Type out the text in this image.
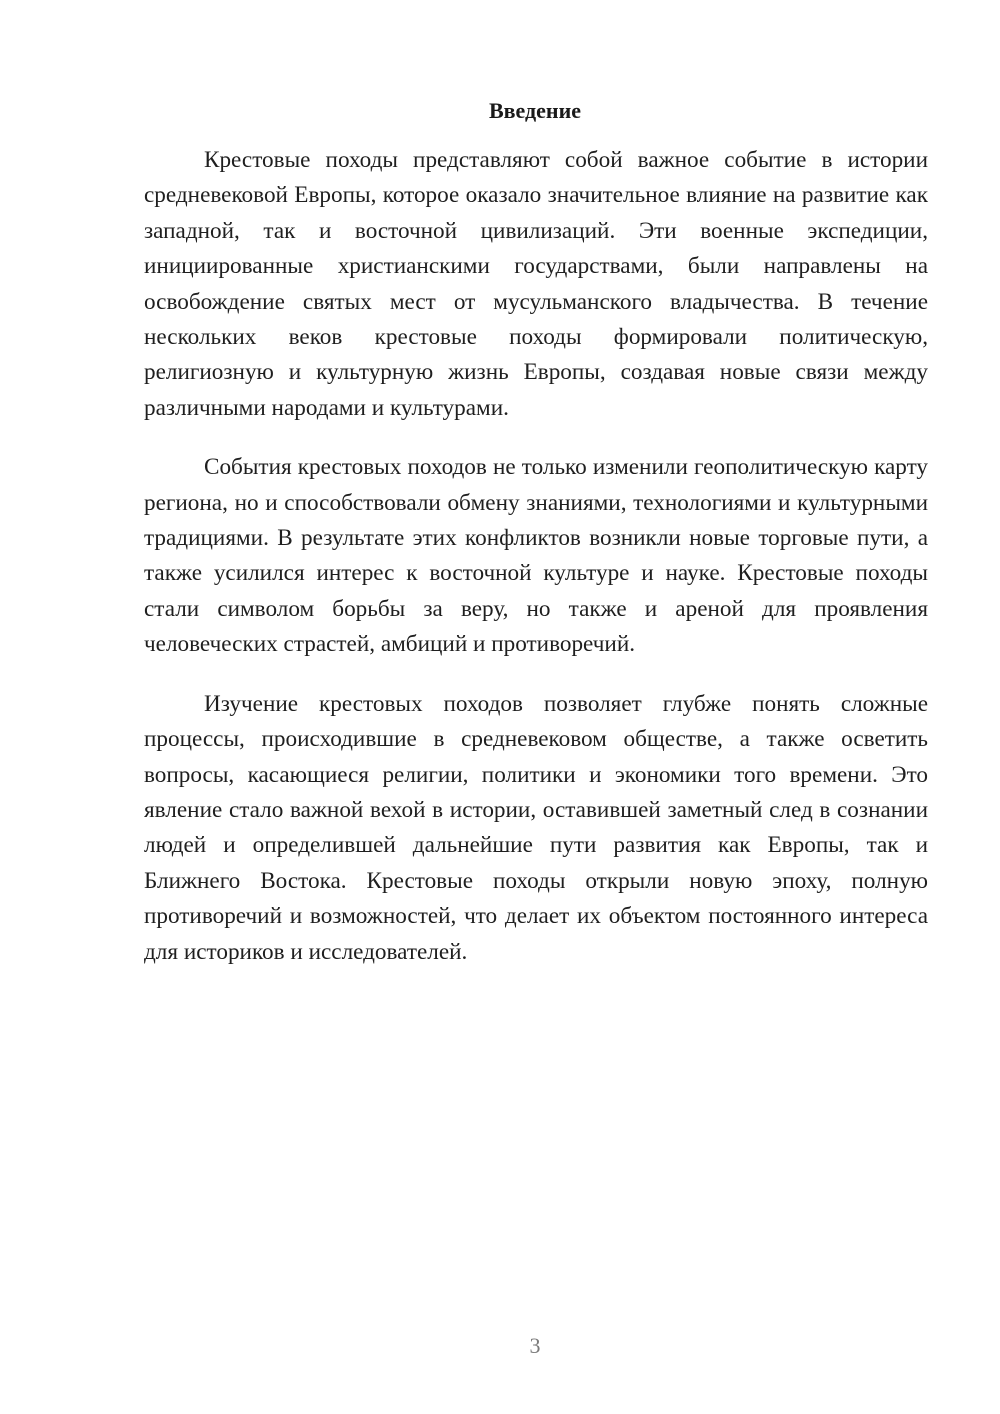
Введение

Крестовые походы представляют собой важное событие в истории средневековой Европы, которое оказало значительное влияние на развитие как западной, так и восточной цивилизаций. Эти военные экспедиции, инициированные христианскими государствами, были направлены на освобождение святых мест от мусульманского владычества. В течение нескольких веков крестовые походы формировали политическую, религиозную и культурную жизнь Европы, создавая новые связи между различными народами и культурами.

События крестовых походов не только изменили геополитическую карту региона, но и способствовали обмену знаниями, технологиями и культурными традициями. В результате этих конфликтов возникли новые торговые пути, а также усилился интерес к восточной культуре и науке. Крестовые походы стали символом борьбы за веру, но также и ареной для проявления человеческих страстей, амбиций и противоречий.

Изучение крестовых походов позволяет глубже понять сложные процессы, происходившие в средневековом обществе, а также осветить вопросы, касающиеся религии, политики и экономики того времени. Это явление стало важной вехой в истории, оставившей заметный след в сознании людей и определившей дальнейшие пути развития как Европы, так и Ближнего Востока. Крестовые походы открыли новую эпоху, полную противоречий и возможностей, что делает их объектом постоянного интереса для историков и исследователей.

3
